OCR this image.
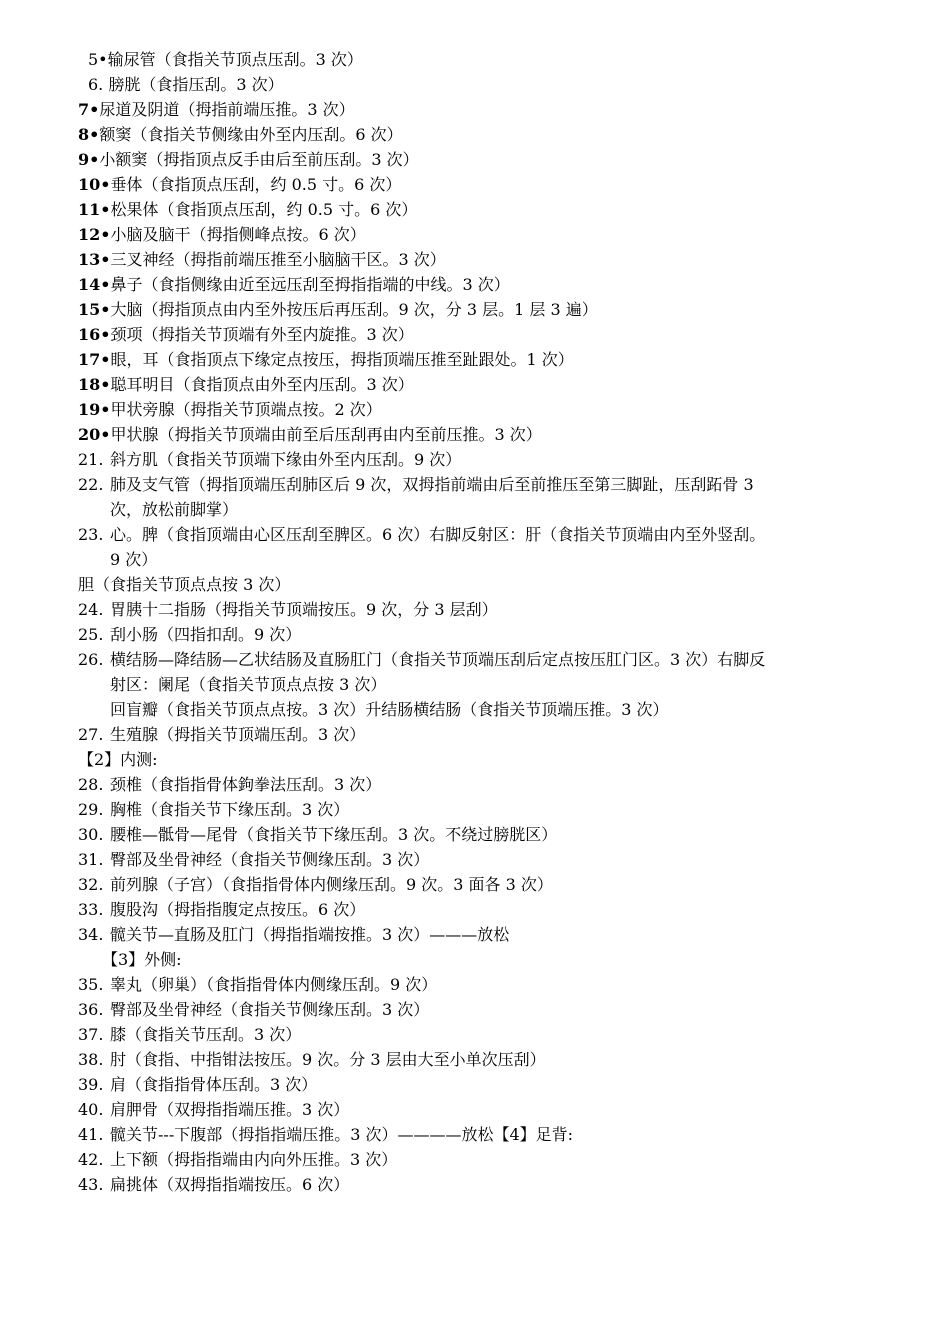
5•输尿管（食指关节顶点压刮。3 次）
6. 膀胱（食指压刮。3 次）
7•尿道及阴道（拇指前端压推。3 次）
8•额窦（食指关节侧缘由外至内压刮。6 次）
9•小额窦（拇指顶点反手由后至前压刮。3 次）
10•垂体（食指顶点压刮，约 0.5 寸。6 次）
11•松果体（食指顶点压刮，约 0.5 寸。6 次）
12•小脑及脑干（拇指侧峰点按。6 次）
13•三叉神经（拇指前端压推至小脑脑干区。3 次）
14•鼻子（食指侧缘由近至远压刮至拇指指端的中线。3 次）
15•大脑（拇指顶点由内至外按压后再压刮。9 次，分 3 层。1 层 3 遍）
16•颈项（拇指关节顶端有外至内旋推。3 次）
17•眼，耳（食指顶点下缘定点按压，拇指顶端压推至趾跟处。1 次）
18•聪耳明目（食指顶点由外至内压刮。3 次）
19•甲状旁腺（拇指关节顶端点按。2 次）
20•甲状腺（拇指关节顶端由前至后压刮再由内至前压推。3 次）
21. 斜方肌（食指关节顶端下缘由外至内压刮。9 次）
22. 肺及支气管（拇指顶端压刮肺区后 9 次，双拇指前端由后至前推压至第三脚趾，压刮跖骨 3
次，放松前脚掌）
23. 心。脾（食指顶端由心区压刮至脾区。6 次）右脚反射区：肝（食指关节顶端由内至外竖刮。
9 次）
胆（食指关节顶点点按 3 次）
24. 胃胰十二指肠（拇指关节顶端按压。9 次，分 3 层刮）
25. 刮小肠（四指扣刮。9 次）
26. 横结肠—降结肠—乙状结肠及直肠肛门（食指关节顶端压刮后定点按压肛门区。3 次）右脚反
射区：阑尾（食指关节顶点点按 3 次）
回盲瓣（食指关节顶点点按。3 次）升结肠横结肠（食指关节顶端压推。3 次）
27. 生殖腺（拇指关节顶端压刮。3 次）
【2】内测:
28. 颈椎（食指指骨体鉤拳法压刮。3 次）
29. 胸椎（食指关节下缘压刮。3 次）
30. 腰椎—骶骨—尾骨（食指关节下缘压刮。3 次。不绕过膀胱区）
31. 臀部及坐骨神经（食指关节侧缘压刮。3 次）
32. 前列腺（子宫）（食指指骨体内侧缘压刮。9 次。3 面各 3 次）
33. 腹股沟（拇指指腹定点按压。6 次）
34. 髋关节—直肠及肛门（拇指指端按推。3 次）———放松
【3】外侧:
35. 睾丸（卵巢）（食指指骨体内侧缘压刮。9 次）
36. 臀部及坐骨神经（食指关节侧缘压刮。3 次）
37. 膝（食指关节压刮。3 次）
38. 肘（食指、中指钳法按压。9 次。分 3 层由大至小单次压刮）
39. 肩（食指指骨体压刮。3 次）
40. 肩胛骨（双拇指指端压推。3 次）
41. 髋关节---下腹部（拇指指端压推。3 次）————放松【4】足背:
42. 上下额（拇指指端由内向外压推。3 次）
43. 扁挑体（双拇指指端按压。6 次）
